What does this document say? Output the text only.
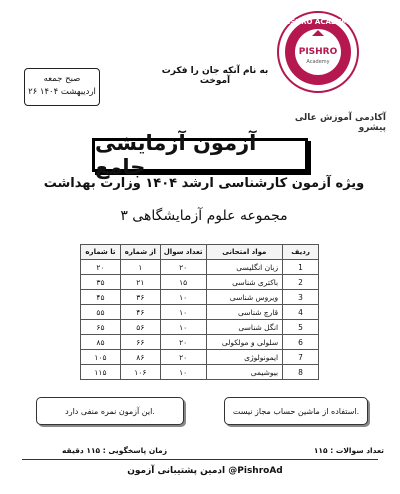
PISHRO ACADEMY
PISHRO
Academy
به نام آنکه جان را فکرت آموخت
آکادمی آموزش عالی پیشرو
صبح جمعه
۲۶ اردیبهشت ۱۴۰۴
آزمون آزمایشی جامع
ویژه آزمون کارشناسی ارشد ۱۴۰۴ وزارت بهداشت
مجموعه علوم آزمایشگاهی ۳
ردیف	مواد امتحانی	تعداد سوال	از شماره	تا شماره
1	زبان انگلیسی	۲۰	۱	۲۰
2	باکتری شناسی	۱۵	۲۱	۳۵
3	ویروس شناسی	۱۰	۳۶	۴۵
4	قارچ شناسی	۱۰	۴۶	۵۵
5	انگل شناسی	۱۰	۵۶	۶۵
6	سلولی و مولکولی	۲۰	۶۶	۸۵
7	ایمونولوژی	۲۰	۸۶	۱۰۵
8	بیوشیمی	۱۰	۱۰۶	۱۱۵
این آزمون نمره منفی دارد.	استفاده از ماشین حساب مجاز نیست.
تعداد سوالات : ۱۱۵
زمان پاسخگویی : ۱۱۵ دقیقه
ادمین پشتیبانی آزمون @PishroAd
